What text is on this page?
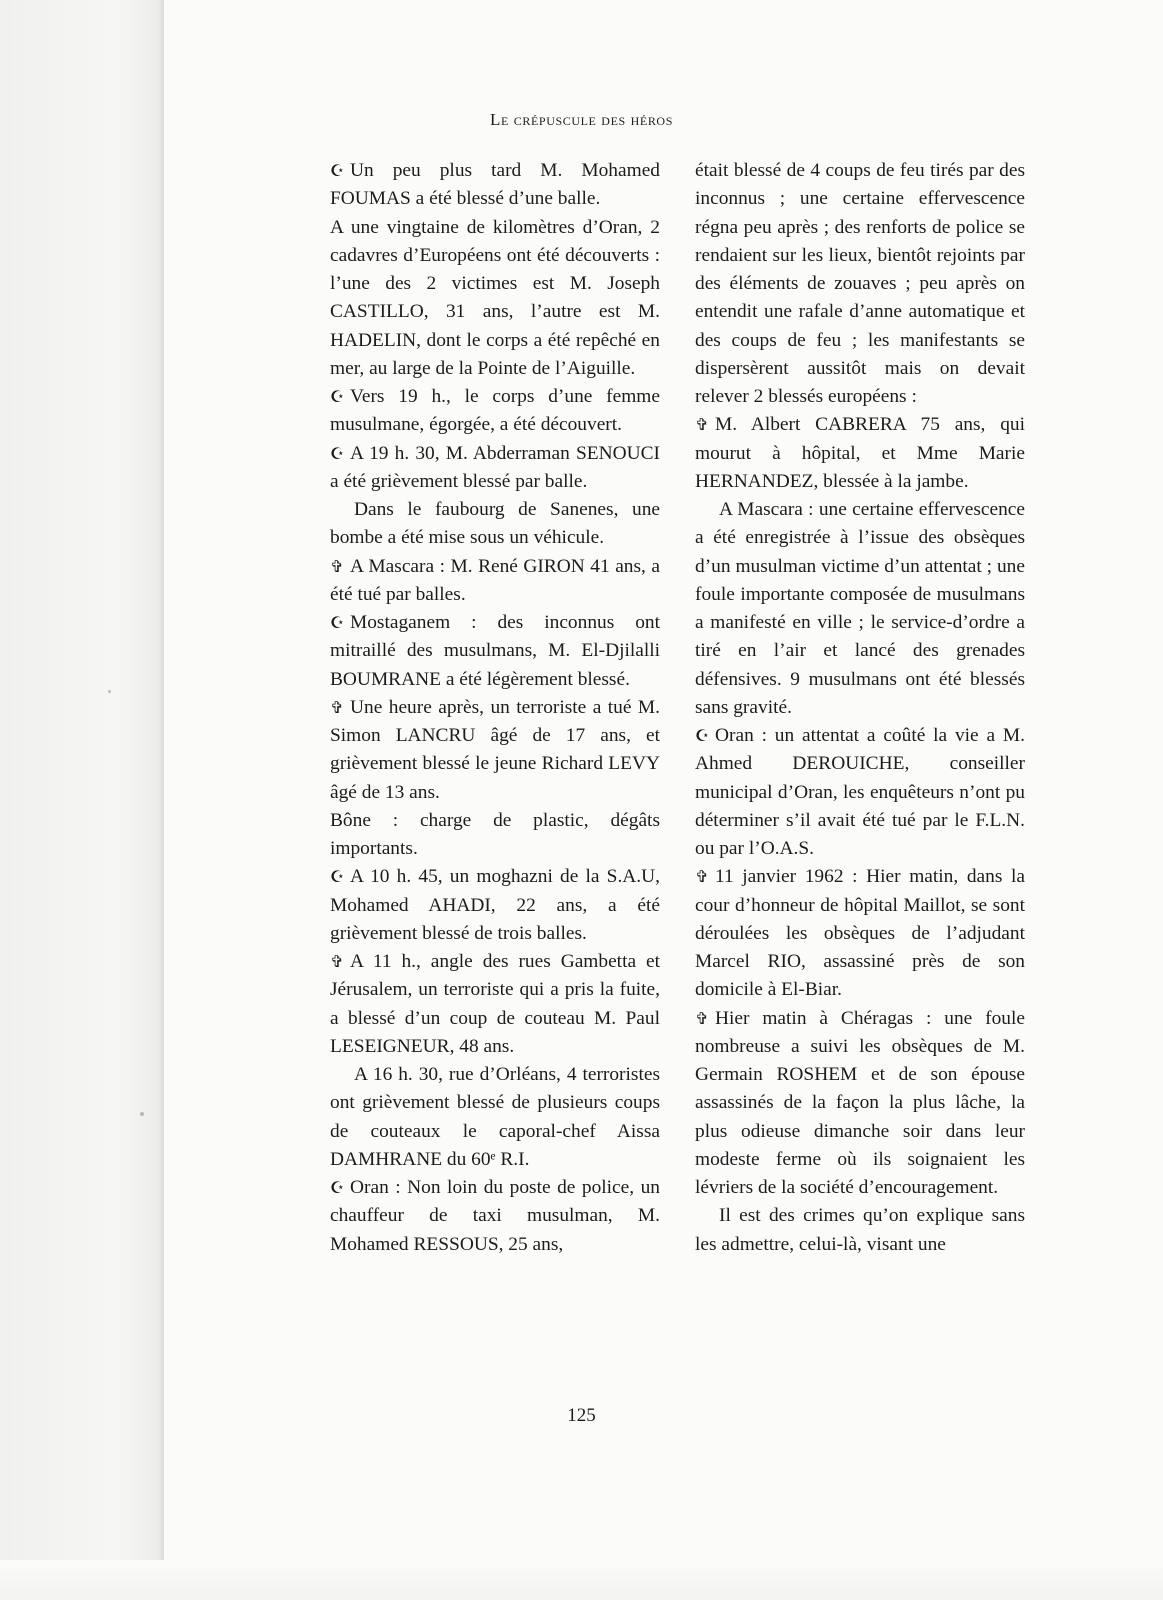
Le crépuscule des héros

☪ Un peu plus tard M. Mohamed FOUMAS a été blessé d’une balle.

A une vingtaine de kilomètres d’Oran, 2 cadavres d’Européens ont été découverts : l’une des 2 victimes est M. Joseph CASTILLO, 31 ans, l’autre est M. HADELIN, dont le corps a été repêché en mer, au large de la Pointe de l’Aiguille.

☪ Vers 19 h., le corps d’une femme musulmane, égorgée, a été découvert.

☪ A 19 h. 30, M. Abderraman SENOUCI a été grièvement blessé par balle.

Dans le faubourg de Sanenes, une bombe a été mise sous un véhicule.

✞ A Mascara : M. René GIRON 41 ans, a été tué par balles.

☪ Mostaganem : des inconnus ont mitraillé des musulmans, M. El-Djilalli BOUMRANE a été légèrement blessé.

✞ Une heure après, un terroriste a tué M. Simon LANCRU âgé de 17 ans, et grièvement blessé le jeune Richard LEVY âgé de 13 ans.

Bône : charge de plastic, dégâts importants.

☪ A 10 h. 45, un moghazni de la S.A.U, Mohamed AHADI, 22 ans, a été grièvement blessé de trois balles.

✞ A 11 h., angle des rues Gambetta et Jérusalem, un terroriste qui a pris la fuite, a blessé d’un coup de couteau M. Paul LESEIGNEUR, 48 ans.

A 16 h. 30, rue d’Orléans, 4 terroristes ont grièvement blessé de plusieurs coups de couteaux le caporal-chef Aissa DAMHRANE du 60ᵉ R.I.

☪ Oran : Non loin du poste de police, un chauffeur de taxi musulman, M. Mohamed RESSOUS, 25 ans,

était blessé de 4 coups de feu tirés par des inconnus ; une certaine effervescence régna peu après ; des renforts de police se rendaient sur les lieux, bientôt rejoints par des éléments de zouaves ; peu après on entendit une rafale d’anne automatique et des coups de feu ; les manifestants se dispersèrent aussitôt mais on devait relever 2 blessés européens :

✞ M. Albert CABRERA 75 ans, qui mourut à hôpital, et Mme Marie HERNANDEZ, blessée à la jambe.

A Mascara : une certaine effervescence a été enregistrée à l’issue des obsèques d’un musulman victime d’un attentat ; une foule importante composée de musulmans a manifesté en ville ; le service-d’ordre a tiré en l’air et lancé des grenades défensives. 9 musulmans ont été blessés sans gravité.

☪ Oran : un attentat a coûté la vie a M. Ahmed DEROUICHE, conseiller municipal d’Oran, les enquêteurs n’ont pu déterminer s’il avait été tué par le F.L.N. ou par l’O.A.S.

✞ 11 janvier 1962 : Hier matin, dans la cour d’honneur de hôpital Maillot, se sont déroulées les obsèques de l’adjudant Marcel RIO, assassiné près de son domicile à El-Biar.

✞ Hier matin à Chéragas : une foule nombreuse a suivi les obsèques de M. Germain ROSHEM et de son épouse assassinés de la façon la plus lâche, la plus odieuse dimanche soir dans leur modeste ferme où ils soignaient les lévriers de la société d’encouragement.

Il est des crimes qu’on explique sans les admettre, celui-là, visant une

125
